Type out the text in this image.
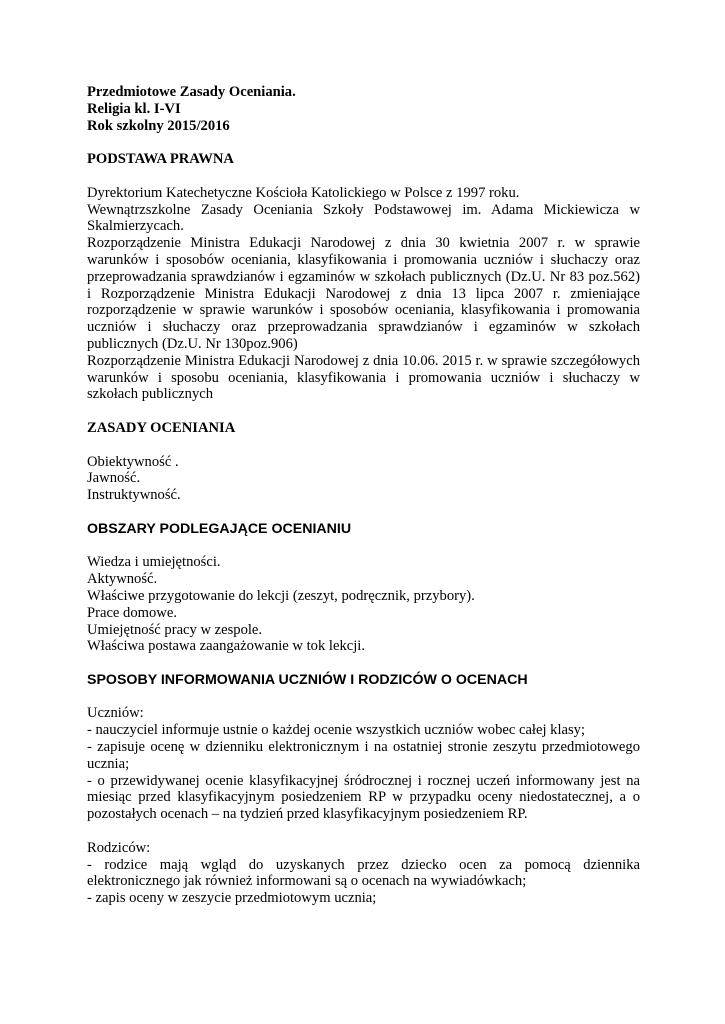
Przedmiotowe Zasady Oceniania.

Religia kl. I-VI

Rok szkolny 2015/2016

PODSTAWA PRAWNA

Dyrektorium Katechetyczne Kościoła Katolickiego w Polsce z 1997 roku.

Wewnątrzszkolne Zasady Oceniania Szkoły Podstawowej im. Adama Mickiewicza w

Skalmierzycach.

Rozporządzenie Ministra Edukacji Narodowej z dnia 30 kwietnia 2007 r. w sprawie

warunków i sposobów oceniania, klasyfikowania i promowania uczniów i słuchaczy oraz

przeprowadzania sprawdzianów i egzaminów w szkołach publicznych (Dz.U. Nr 83 poz.562)

i Rozporządzenie Ministra Edukacji Narodowej z dnia 13 lipca 2007 r. zmieniające

rozporządzenie w sprawie warunków i sposobów oceniania, klasyfikowania i promowania

uczniów i słuchaczy oraz przeprowadzania sprawdzianów i egzaminów w szkołach

publicznych (Dz.U. Nr 130poz.906)

Rozporządzenie Ministra Edukacji Narodowej z dnia 10.06. 2015 r. w sprawie szczegółowych

warunków i sposobu oceniania, klasyfikowania i promowania uczniów i słuchaczy w

szkołach publicznych

ZASADY OCENIANIA

Obiektywność .

Jawność.

Instruktywność.

OBSZARY PODLEGAJĄCE OCENIANIU

Wiedza i umiejętności.

Aktywność.

Właściwe przygotowanie do lekcji (zeszyt, podręcznik, przybory).

Prace domowe.

Umiejętność pracy w zespole.

Właściwa postawa zaangażowanie w tok lekcji.

SPOSOBY INFORMOWANIA UCZNIÓW I RODZICÓW O OCENACH

Uczniów:

- nauczyciel informuje ustnie o każdej ocenie wszystkich uczniów wobec całej klasy;

- zapisuje ocenę w dzienniku elektronicznym i na ostatniej stronie zeszytu przedmiotowego

ucznia;

- o przewidywanej ocenie klasyfikacyjnej śródrocznej i rocznej uczeń informowany jest na

miesiąc przed klasyfikacyjnym posiedzeniem RP w przypadku oceny niedostatecznej, a o

pozostałych ocenach – na tydzień przed klasyfikacyjnym posiedzeniem RP.

Rodziców:

- rodzice mają wgląd do uzyskanych przez dziecko ocen za pomocą dziennika

elektronicznego jak również informowani są o ocenach na wywiadówkach;

- zapis oceny w zeszycie przedmiotowym ucznia;
